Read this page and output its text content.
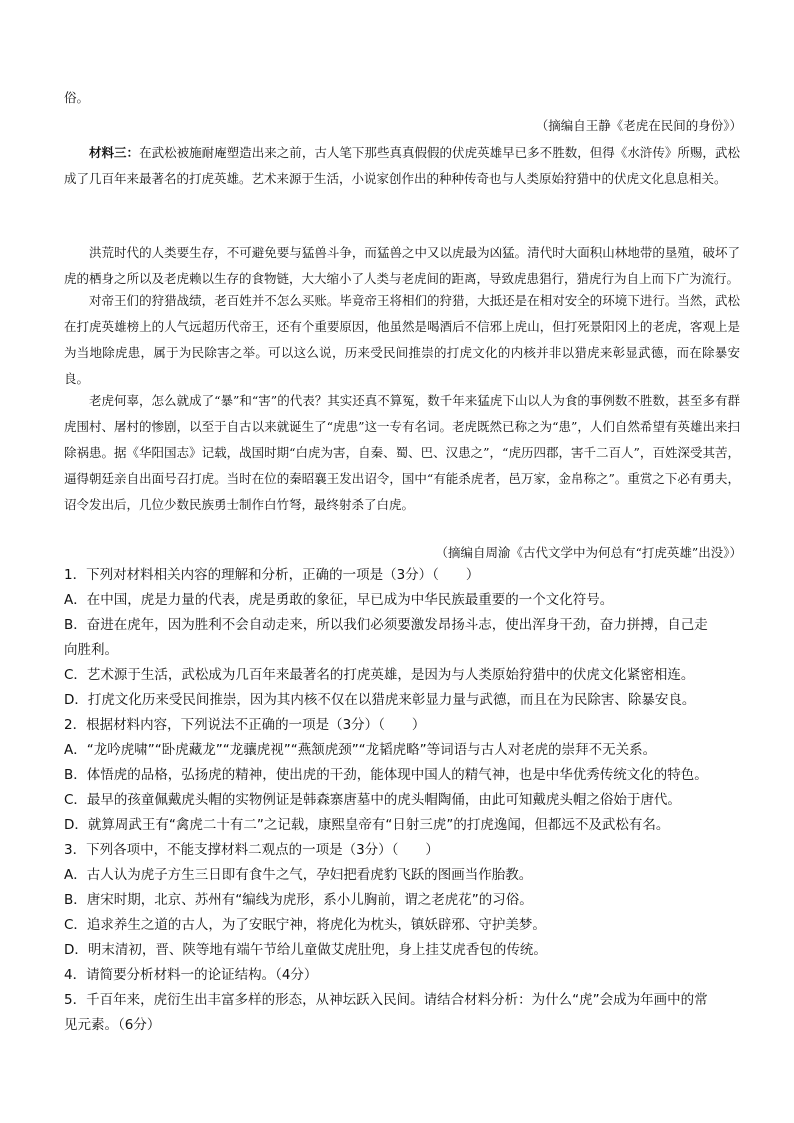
俗。
（摘编自王静《老虎在民间的身份》）
材料三：在武松被施耐庵塑造出来之前，古人笔下那些真真假假的伏虎英雄早已多不胜数，但得《水浒传》所赐，武松成了几百年来最著名的打虎英雄。艺术来源于生活，小说家创作出的种种传奇也与人类原始狩猎中的伏虎文化息息相关。
洪荒时代的人类要生存，不可避免要与猛兽斗争，而猛兽之中又以虎最为凶猛。清代时大面积山林地带的垦殖，破坏了虎的栖身之所以及老虎赖以生存的食物链，大大缩小了人类与老虎间的距离，导致虎患猖行，猎虎行为自上而下广为流行。
对帝王们的狩猎战绩，老百姓并不怎么买账。毕竟帝王将相们的狩猎，大抵还是在相对安全的环境下进行。当然，武松在打虎英雄榜上的人气远超历代帝王，还有个重要原因，他虽然是喝酒后不信邪上虎山，但打死景阳冈上的老虎，客观上是为当地除虎患，属于为民除害之举。可以这么说，历来受民间推崇的打虎文化的内核并非以猎虎来彰显武德，而在除暴安良。
老虎何辜，怎么就成了“暴”和“害”的代表？其实还真不算冤，数千年来猛虎下山以人为食的事例数不胜数，甚至多有群虎围村、屠村的惨剧，以至于自古以来就诞生了“虎患”这一专有名词。老虎既然已称之为“患”，人们自然希望有英雄出来扫除祸患。据《华阳国志》记载，战国时期“白虎为害，自秦、蜀、巴、汉患之”，“虎历四郡，害千二百人”，百姓深受其苦，逼得朝廷亲自出面号召打虎。当时在位的秦昭襄王发出诏令，国中“有能杀虎者，邑万家，金帛称之”。重赏之下必有勇夫，诏令发出后，几位少数民族勇士制作白竹弩，最终射杀了白虎。
（摘编自周渝《古代文学中为何总有“打虎英雄”出没》）
1．下列对材料相关内容的理解和分析，正确的一项是（3分）（　　）
A．在中国，虎是力量的代表，虎是勇敢的象征，早已成为中华民族最重要的一个文化符号。
B．奋进在虎年，因为胜利不会自动走来，所以我们必须要激发昂扬斗志，使出浑身干劲，奋力拼搏，自己走
向胜利。
C．艺术源于生活，武松成为几百年来最著名的打虎英雄，是因为与人类原始狩猎中的伏虎文化紧密相连。
D．打虎文化历来受民间推崇，因为其内核不仅在以猎虎来彰显力量与武德，而且在为民除害、除暴安良。
2．根据材料内容，下列说法不正确的一项是（3分）（　　）
A．“龙吟虎啸”“卧虎藏龙”“龙骧虎视”“燕颔虎颈”“龙韬虎略”等词语与古人对老虎的崇拜不无关系。
B．体悟虎的品格，弘扬虎的精神，使出虎的干劲，能体现中国人的精气神，也是中华优秀传统文化的特色。
C．最早的孩童佩戴虎头帽的实物例证是韩森寨唐墓中的虎头帽陶俑，由此可知戴虎头帽之俗始于唐代。
D．就算周武王有“禽虎二十有二”之记载，康熙皇帝有“日射三虎”的打虎逸闻，但都远不及武松有名。
3．下列各项中，不能支撑材料二观点的一项是（3分）（　　）
A．古人认为虎子方生三日即有食牛之气，孕妇把看虎豹飞跃的图画当作胎教。
B．唐宋时期，北京、苏州有“编线为虎形，系小儿胸前，谓之老虎花”的习俗。
C．追求养生之道的古人，为了安眠宁神，将虎化为枕头，镇妖辟邪、守护美梦。
D．明末清初，晋、陕等地有端午节给儿童做艾虎肚兜，身上挂艾虎香包的传统。
4．请简要分析材料一的论证结构。（4分）
5．千百年来，虎衍生出丰富多样的形态，从神坛跃入民间。请结合材料分析：为什么“虎”会成为年画中的常
见元素。（6分）
